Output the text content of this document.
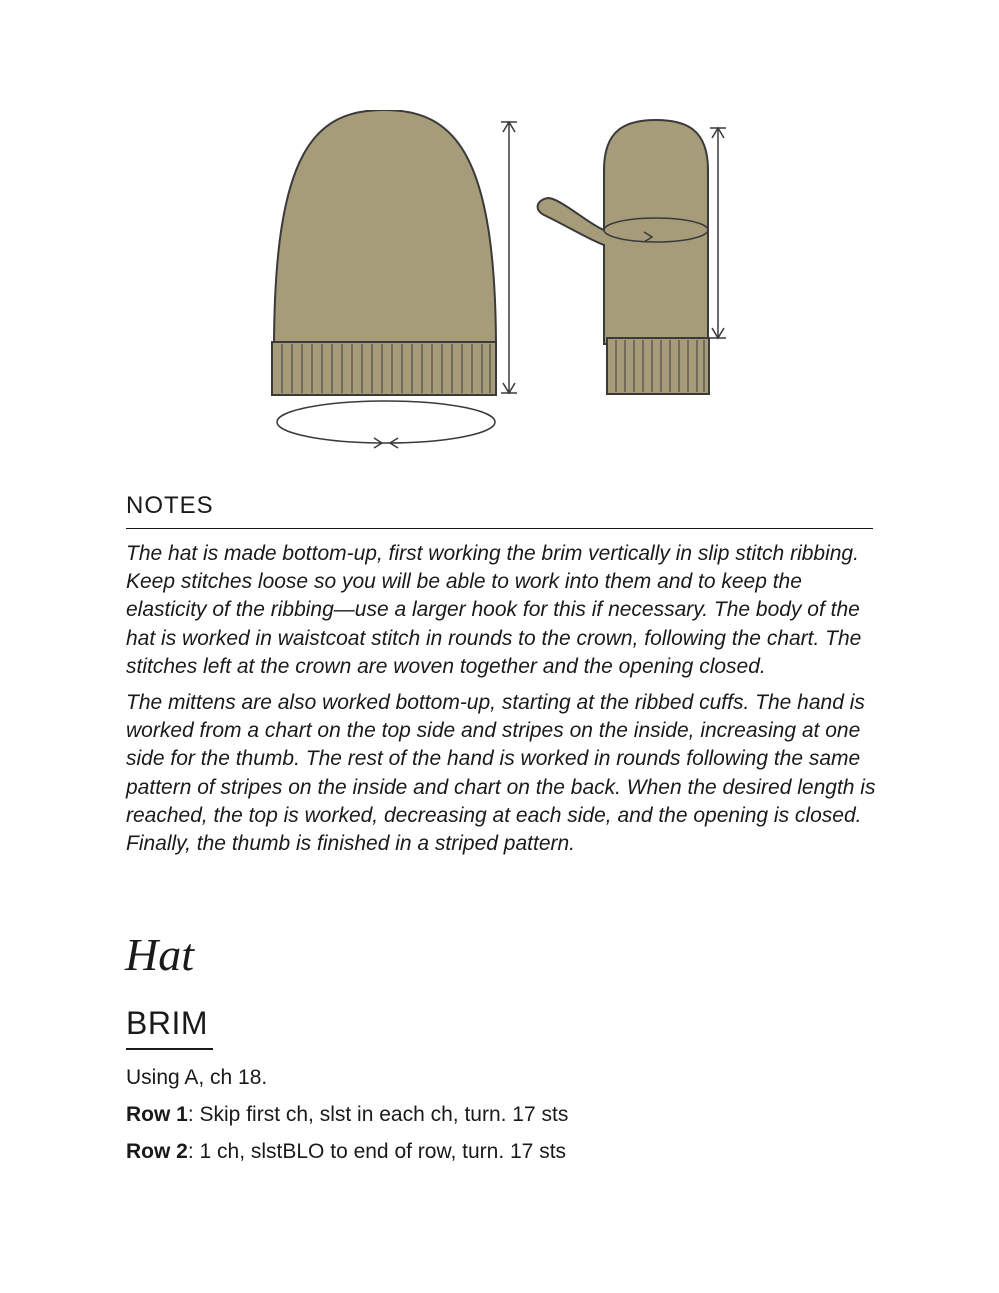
NOTES

The hat is made bottom-up, first working the brim vertically in slip stitch ribbing. Keep stitches loose so you will be able to work into them and to keep the elasticity of the ribbing—use a larger hook for this if necessary. The body of the hat is worked in waistcoat stitch in rounds to the crown, following the chart. The stitches left at the crown are woven together and the opening closed.

The mittens are also worked bottom-up, starting at the ribbed cuffs. The hand is worked from a chart on the top side and stripes on the inside, increasing at one side for the thumb. The rest of the hand is worked in rounds following the same pattern of stripes on the inside and chart on the back. When the desired length is reached, the top is worked, decreasing at each side, and the opening is closed. Finally, the thumb is finished in a striped pattern.

Hat
BRIM

Using A, ch 18.

Row 1: Skip first ch, slst in each ch, turn. 17 sts

Row 2: 1 ch, slstBLO to end of row, turn. 17 sts
